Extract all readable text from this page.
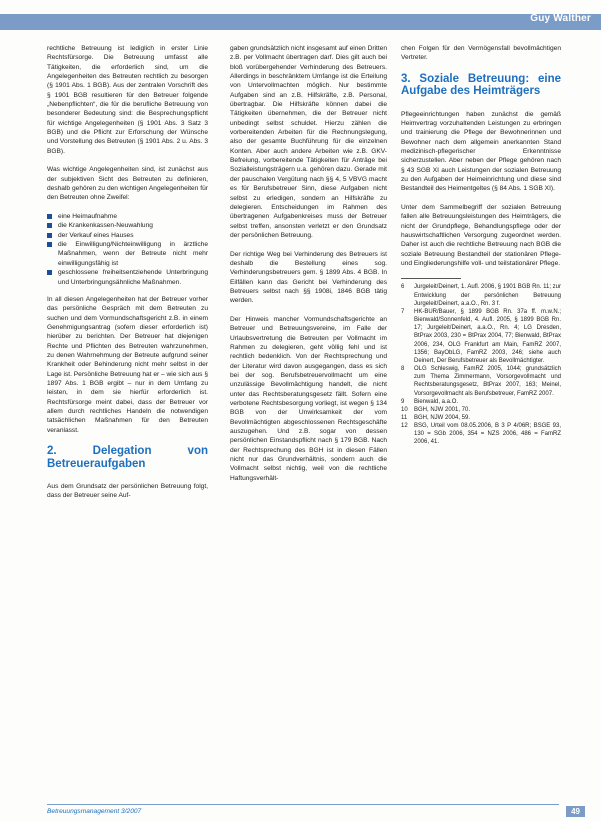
Guy Walther

rechtliche Betreuung ist lediglich in erster Linie Rechtsfürsorge. Die Betreuung umfasst alle Tätigkeiten, die erforderlich sind, um die Angelegenheiten des Betreuten rechtlich zu besorgen (§ 1901 Abs. 1 BGB). Aus der zentralen Vorschrift des § 1901 BGB resultieren für den Betreuer folgende „Nebenpflichten“, die für die berufliche Betreuung von besonderer Bedeutung sind: die Besprechungspflicht für wichtige Angelegenheiten (§ 1901 Abs. 3 Satz 3 BGB) und die Pflicht zur Erforschung der Wünsche und Vorstellung des Betreuten (§ 1901 Abs. 2 u. Abs. 3 BGB).

Was wichtige Angelegenheiten sind, ist zunächst aus der subjektiven Sicht des Betreuten zu definieren, deshalb gehören zu den wichtigen Angelegenheiten für den Betreuten ohne Zweifel:

eine Heimaufnahme
die Krankenkassen-Neuwahlung
der Verkauf eines Hauses
die Einwilligung/Nichteinwilligung in ärztliche Maßnahmen, wenn der Betreute nicht mehr einwilligungsfähig ist
geschlossene freiheitsentziehende Unterbringung und Unterbringungsähnliche Maßnahmen.

In all diesen Angelegenheiten hat der Betreuer vorher das persönliche Gespräch mit dem Betreuten zu suchen und dem Vormundschaftsgericht z.B. in einem Genehmigungsantrag (sofern dieser erforderlich ist) hierüber zu berichten. Der Betreuer hat diejenigen Rechte und Pflichten des Betreuten wahrzunehmen, zu denen Wahrnehmung der Betreute aufgrund seiner Krankheit oder Behinderung nicht mehr selbst in der Lage ist. Persönliche Betreuung hat er – wie sich aus § 1897 Abs. 1 BGB ergibt – nur in dem Umfang zu leisten, in dem sie hierfür erforderlich ist. Rechtsfürsorge meint dabei, dass der Betreuer vor allem durch rechtliches Handeln die notwendigen tatsächlichen Maßnahmen für den Betreuten veranlasst.

2. Delegation von Betreueraufgaben

Aus dem Grundsatz der persönlichen Betreuung folgt, dass der Betreuer seine Auf-

gaben grundsätzlich nicht insgesamt auf einen Dritten z.B. per Vollmacht übertragen darf. Dies gilt auch bei bloß vorübergehender Verhinderung des Betreuers. Allerdings in beschränktem Umfange ist die Erteilung von Untervollmachten möglich. Nur bestimmte Aufgaben sind an z.B. Hilfskräfte, z.B. Personal, übertragbar. Die Hilfskräfte können dabei die Tätigkeiten übernehmen, die der Betreuer nicht unbedingt selbst schuldet. Hierzu zählen die vorbereitenden Arbeiten für die Rechnungslegung, also der gesamte Buchführung für die einzelnen Konten. Aber auch andere Arbeiten wie z.B. GKV-Befreiung, vorbereitende Tätigkeiten für Anträge bei Sozialleistungsträgern u.a. gehören dazu. Gerade mit der pauschalen Vergütung nach §§ 4, 5 VBVG macht es für Berufsbetreuer Sinn, diese Aufgaben nicht selbst zu erledigen, sondern an Hilfskräfte zu delegieren. Entscheidungen im Rahmen des übertragenen Aufgabenkreises muss der Betreuer selbst treffen, ansonsten verletzt er den Grundsatz der persönlichen Betreuung.

Der richtige Weg bei Verhinderung des Betreuers ist deshalb die Bestellung eines sog. Verhinderungsbetreuers gem. § 1899 Abs. 4 BGB. In Eilfällen kann das Gericht bei Verhinderung des Betreuers selbst nach §§ 1908i, 1846 BGB tätig werden.

Der Hinweis mancher Vormundschaftsgerichte an Betreuer und Betreuungsvereine, im Falle der Urlaubsvertretung die Betreuten per Vollmacht im Rahmen zu delegieren, geht völlig fehl und ist rechtlich bedenklich. Von der Rechtsprechung und der Literatur wird davon ausgegangen, dass es sich bei der sog. Berufsbetreuervollmacht um eine unzulässige Bevollmächtigung handelt, die nicht unter das Rechtsberatungsgesetz fällt. Sofern eine verbotene Rechtsbesorgung vorliegt, ist wegen § 134 BGB von der Unwirksamkeit der vom Bevollmächtigten abgeschlossenen Rechtsgeschäfte auszugehen. Und z.B. sogar von dessen persönlichen Einstandspflicht nach § 179 BGB. Nach der Rechtsprechung des BGH ist in diesen Fällen nicht nur das Grundverhältnis, sondern auch die Vollmacht selbst nichtig, weil von die rechtliche Haftungsverhält-

chen Folgen für den Vermögensfall bevollmächtigen Vertreter.

3. Soziale Betreuung: eine Aufgabe des Heimträgers

Pflegeeinrichtungen haben zunächst die gemäß Heimvertrag vorzuhaltenden Leistungen zu erbringen und trainierung die Pflege der Bewohnerinnen und Bewohner nach dem allgemein anerkannten Stand medizinisch-pflegerischer Erkenntnisse sicherzustellen. Aber neben der Pflege gehören nach § 43 SGB XI auch Leistungen der sozialen Betreuung zu den Aufgaben der Heimeinrichtung und diese sind Bestandteil des Heimentgeltes (§ 84 Abs. 1 SGB XI).

Unter dem Sammelbegriff der sozialen Betreuung fallen alle Betreuungsleistungen des Heimträgers, die nicht der Grundpflege, Behandlungspflege oder der hauswirtschaftlichen Versorgung zugeordnet werden. Daher ist auch die rechtliche Betreuung nach BGB die soziale Betreuung Bestandteil der stationären Pflege- und Eingliederungshilfe voll- und teilstationärer Pflege.

6	Jurgeleit/Deinert, 1. Aufl. 2006, § 1901 BGB Rn. 11; zur Entwicklung der persönlichen Betreuung Jurgeleit/Deinert, a.a.O., Rn. 3 f.
7	HK-BUR/Bauer, § 1899 BGB Rn. 37a ff. m.w.N.; Bienwald/Sonnenfeld, 4. Aufl. 2005, § 1899 BGB Rn. 17; Jurgeleit/Deinert, a.a.O., Rn. 4; LG Dresden, BtPrax 2003, 230 = BtPrax 2004, 77; Bienwald, BtPrax 2006, 234, OLG Frankfurt am Main, FamRZ 2007, 1356; BayObLG, FamRZ 2003, 246; siehe auch Deinert, Der Berufsbetreuer als Bevollmächtigter.
8	OLG Schleswig, FamRZ 2005, 1044; grundsätzlich zum Thema Zimmermann, Vorsorgevollmacht und Rechtsberatungsgesetz, BtPrax 2007, 163; Meinel, Vorsorgevollmacht als Berufsbetreuer, FamRZ 2007.
9	Bienwald, a.a.O.
10	BGH, NJW 2001, 70.
11	BGH, NJW 2004, 59.
12	BSG, Urteil vom 08.05.2006, B 3 P 4/06R; BSGE 93, 130 = SGb 2006, 354 = NZS 2006, 486 = FamRZ 2006, 41.
Betreuungsmanagement 3/2007	49
